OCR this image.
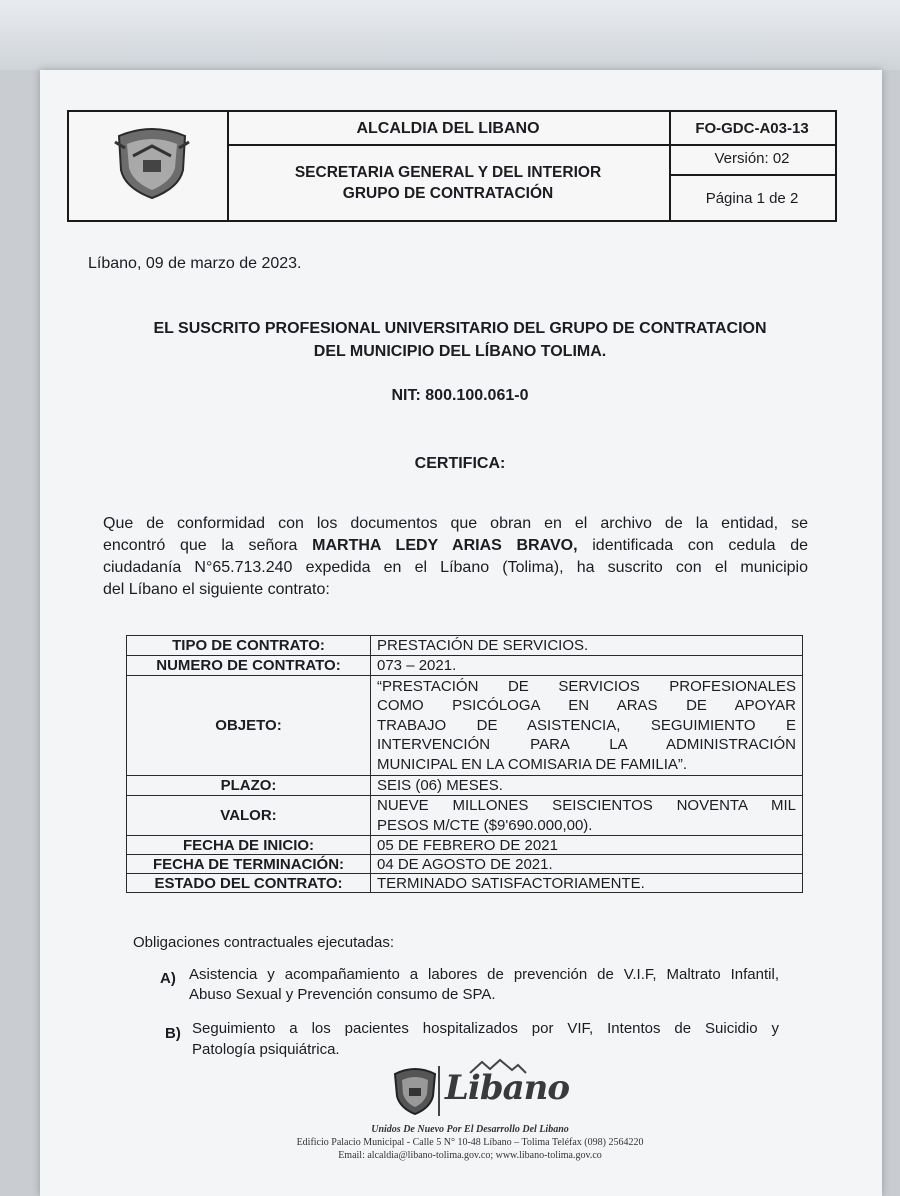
ALCALDIA DEL LIBANO
SECRETARIA GENERAL Y DEL INTERIOR
GRUPO DE CONTRATACIÓN
FO-GDC-A03-13
Versión: 02
Página 1 de 2
Líbano, 09 de marzo de 2023.
EL SUSCRITO PROFESIONAL UNIVERSITARIO DEL GRUPO DE CONTRATACION
DEL MUNICIPIO DEL LÍBANO TOLIMA.
NIT: 800.100.061-0
CERTIFICA:
Que de conformidad con los documentos que obran en el archivo de la entidad, se
encontró que la señora MARTHA LEDY ARIAS BRAVO, identificada con cedula de
ciudadanía N°65.713.240 expedida en el Líbano (Tolima), ha suscrito con el municipio
del Líbano el siguiente contrato:
TIPO DE CONTRATO:	PRESTACIÓN DE SERVICIOS.
NUMERO DE CONTRATO:	073 – 2021.
OBJETO:	“PRESTACIÓN DE SERVICIOS PROFESIONALES
COMO PSICÓLOGA EN ARAS DE APOYAR
TRABAJO DE ASISTENCIA, SEGUIMIENTO E
INTERVENCIÓN PARA LA ADMINISTRACIÓN
MUNICIPAL EN LA COMISARIA DE FAMILIA”.

PLAZO:	SEIS (06) MESES.
VALOR:	NUEVE MILLONES SEISCIENTOS NOVENTA MIL
PESOS M/CTE ($9'690.000,00).

FECHA DE INICIO:	05 DE FEBRERO DE 2021
FECHA DE TERMINACIÓN:	04 DE AGOSTO DE 2021.
ESTADO DEL CONTRATO:	TERMINADO SATISFACTORIAMENTE.
Obligaciones contractuales ejecutadas:
A) Asistencia y acompañamiento a labores de prevención de V.I.F, Maltrato Infantil,
Abuso Sexual y Prevención consumo de SPA.
B) Seguimiento a los pacientes hospitalizados por VIF, Intentos de Suicidio y
Patología psiquiátrica.
Libano
Unidos De Nuevo Por El Desarrollo Del Libano
Edificio Palacio Municipal - Calle 5 N° 10-48 Líbano – Tolima Teléfax (098) 2564220
Email: alcaldia@libano-tolima.gov.co; www.libano-tolima.gov.co
